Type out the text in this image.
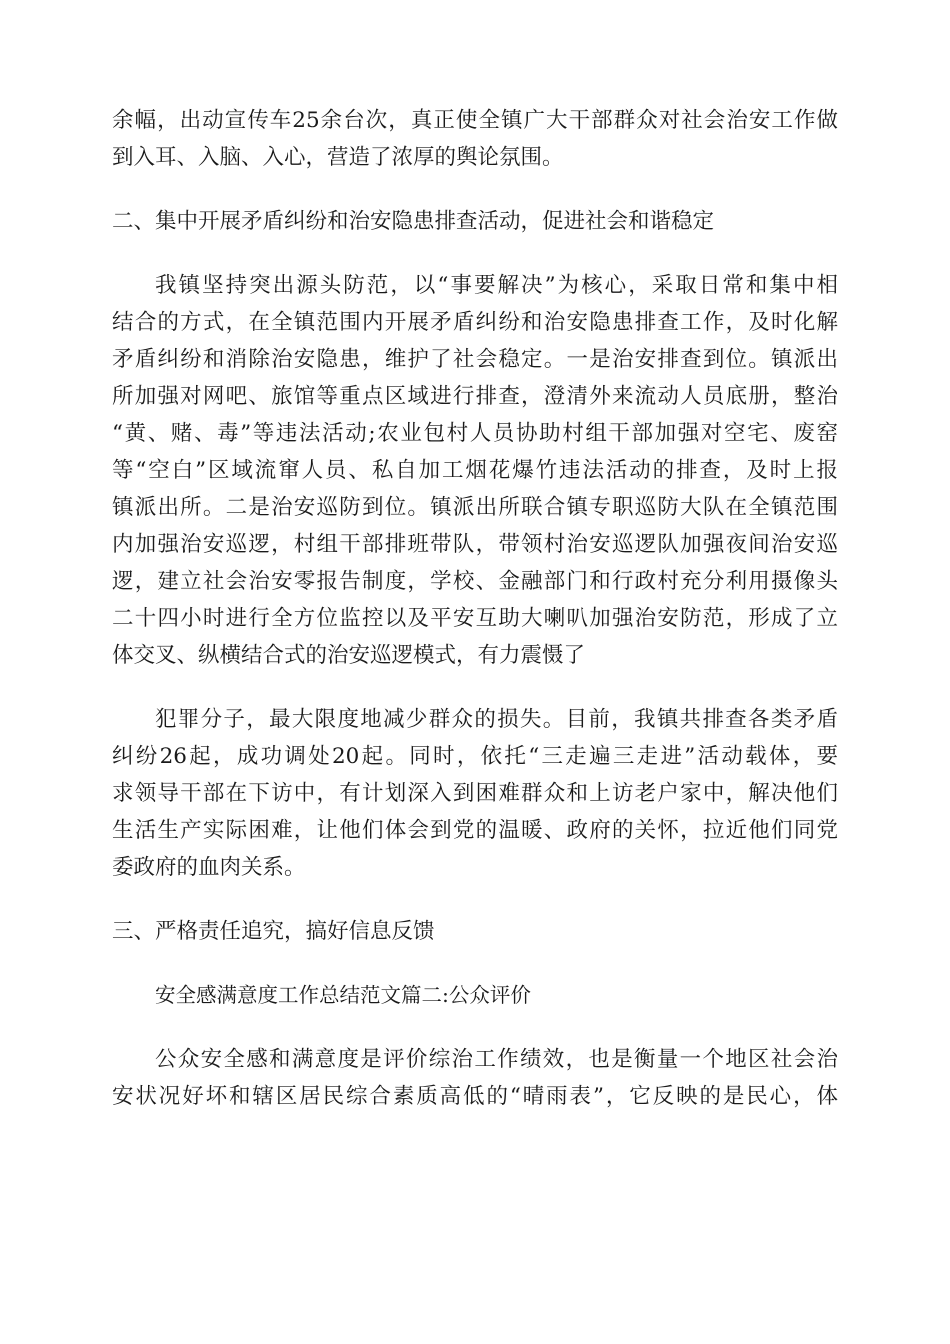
余幅，出动宣传车25余台次，真正使全镇广大干部群众对社会治安工作做
到入耳、入脑、入心，营造了浓厚的舆论氛围。
二、集中开展矛盾纠纷和治安隐患排查活动，促进社会和谐稳定
我镇坚持突出源头防范，以“事要解决”为核心，采取日常和集中相
结合的方式，在全镇范围内开展矛盾纠纷和治安隐患排查工作，及时化解
矛盾纠纷和消除治安隐患，维护了社会稳定。一是治安排查到位。镇派出
所加强对网吧、旅馆等重点区域进行排查，澄清外来流动人员底册，整治
“黄、赌、毒”等违法活动;农业包村人员协助村组干部加强对空宅、废窑
等“空白”区域流窜人员、私自加工烟花爆竹违法活动的排查，及时上报
镇派出所。二是治安巡防到位。镇派出所联合镇专职巡防大队在全镇范围
内加强治安巡逻，村组干部排班带队，带领村治安巡逻队加强夜间治安巡
逻，建立社会治安零报告制度，学校、金融部门和行政村充分利用摄像头
二十四小时进行全方位监控以及平安互助大喇叭加强治安防范，形成了立
体交叉、纵横结合式的治安巡逻模式，有力震慑了
犯罪分子，最大限度地减少群众的损失。目前，我镇共排查各类矛盾
纠纷26起，成功调处20起。同时，依托“三走遍三走进”活动载体，要
求领导干部在下访中，有计划深入到困难群众和上访老户家中，解决他们
生活生产实际困难，让他们体会到党的温暖、政府的关怀，拉近他们同党
委政府的血肉关系。
三、严格责任追究，搞好信息反馈
安全感满意度工作总结范文篇二:公众评价
公众安全感和满意度是评价综治工作绩效，也是衡量一个地区社会治
安状况好坏和辖区居民综合素质高低的“晴雨表”，它反映的是民心，体
